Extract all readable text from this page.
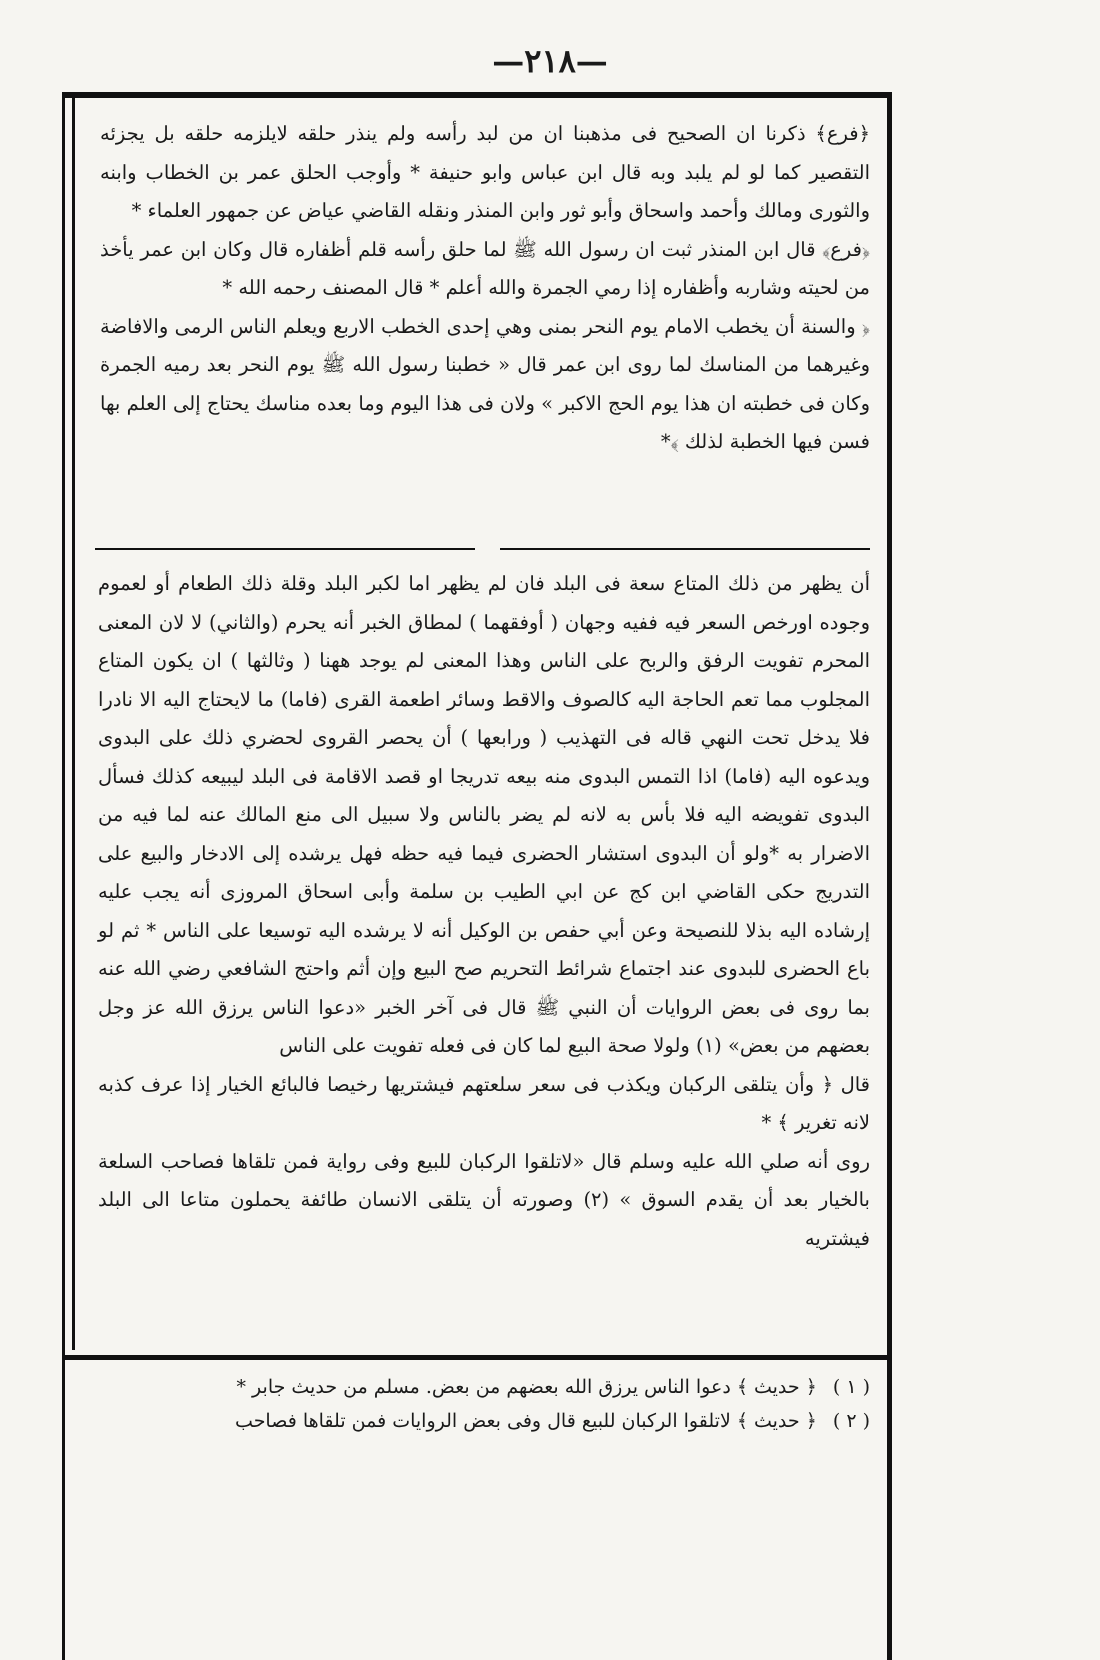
—٢١٨—

﴿فرع﴾ ذكرنا ان الصحيح فى مذهبنا ان من لبد رأسه ولم ينذر حلقه لايلزمه حلقه بل يجزئه التقصير كما لو لم يلبد وبه قال ابن عباس وابو حنيفة * وأوجب الحلق عمر بن الخطاب وابنه والثورى ومالك وأحمد واسحاق وأبو ثور وابن المنذر ونقله القاضي عياض عن جمهور العلماء *

﴿فرع﴾ قال ابن المنذر ثبت ان رسول الله ﷺ لما حلق رأسه قلم أظفاره قال وكان ابن عمر يأخذ من لحيته وشاربه وأظفاره إذا رمي الجمرة والله أعلم * قال المصنف رحمه الله *

﴿ والسنة أن يخطب الامام يوم النحر بمنى وهي إحدى الخطب الاربع ويعلم الناس الرمى والافاضة وغيرهما من المناسك لما روى ابن عمر قال « خطبنا رسول الله ﷺ يوم النحر بعد رميه الجمرة وكان فى خطبته ان هذا يوم الحج الاكبر » ولان فى هذا اليوم وما بعده مناسك يحتاج إلى العلم بها فسن فيها الخطبة لذلك ﴾*

أن يظهر من ذلك المتاع سعة فى البلد فان لم يظهر اما لكبر البلد وقلة ذلك الطعام أو لعموم وجوده اورخص السعر فيه ففيه وجهان ( أوفقهما ) لمطاق الخبر أنه يحرم (والثاني) لا لان المعنى المحرم تفويت الرفق والربح على الناس وهذا المعنى لم يوجد ههنا ( وثالثها ) ان يكون المتاع المجلوب مما تعم الحاجة اليه كالصوف والاقط وسائر اطعمة القرى (فاما) ما لايحتاج اليه الا نادرا فلا يدخل تحت النهي قاله فى التهذيب ( ورابعها ) أن يحصر القروى لحضري ذلك على البدوى ويدعوه اليه (فاما) اذا التمس البدوى منه بيعه تدريجا او قصد الاقامة فى البلد ليبيعه كذلك فسأل البدوى تفويضه اليه فلا بأس به لانه لم يضر بالناس ولا سبيل الى منع المالك عنه لما فيه من الاضرار به *ولو أن البدوى استشار الحضرى فيما فيه حظه فهل يرشده إلى الادخار والبيع على التدريج حكى القاضي ابن كج عن ابي الطيب بن سلمة وأبى اسحاق المروزى أنه يجب عليه إرشاده اليه بذلا للنصيحة وعن أبي حفص بن الوكيل أنه لا يرشده اليه توسيعا على الناس * ثم لو باع الحضرى للبدوى عند اجتماع شرائط التحريم صح البيع وإن أثم واحتج الشافعي رضي الله عنه بما روى فى بعض الروايات أن النبي ﷺ قال فى آخر الخبر «دعوا الناس يرزق الله عز وجل بعضهم من بعض» (١) ولولا صحة البيع لما كان فى فعله تفويت على الناس

قال ﴿ وأن يتلقى الركبان ويكذب فى سعر سلعتهم فيشتريها رخيصا فالبائع الخيار إذا عرف كذبه لانه تغرير ﴾ *

روى أنه صلي الله عليه وسلم قال «لاتلقوا الركبان للبيع وفى رواية فمن تلقاها فصاحب السلعة بالخيار بعد أن يقدم السوق » (٢) وصورته أن يتلقى الانسان طائفة يحملون متاعا الى البلد فيشتريه

( ١ ) ﴿ حديث ﴾ دعوا الناس يرزق الله بعضهم من بعض. مسلم من حديث جابر *

( ٢ ) ﴿ حديث ﴾ لاتلقوا الركبان للبيع قال وفى بعض الروايات فمن تلقاها فصاحب
